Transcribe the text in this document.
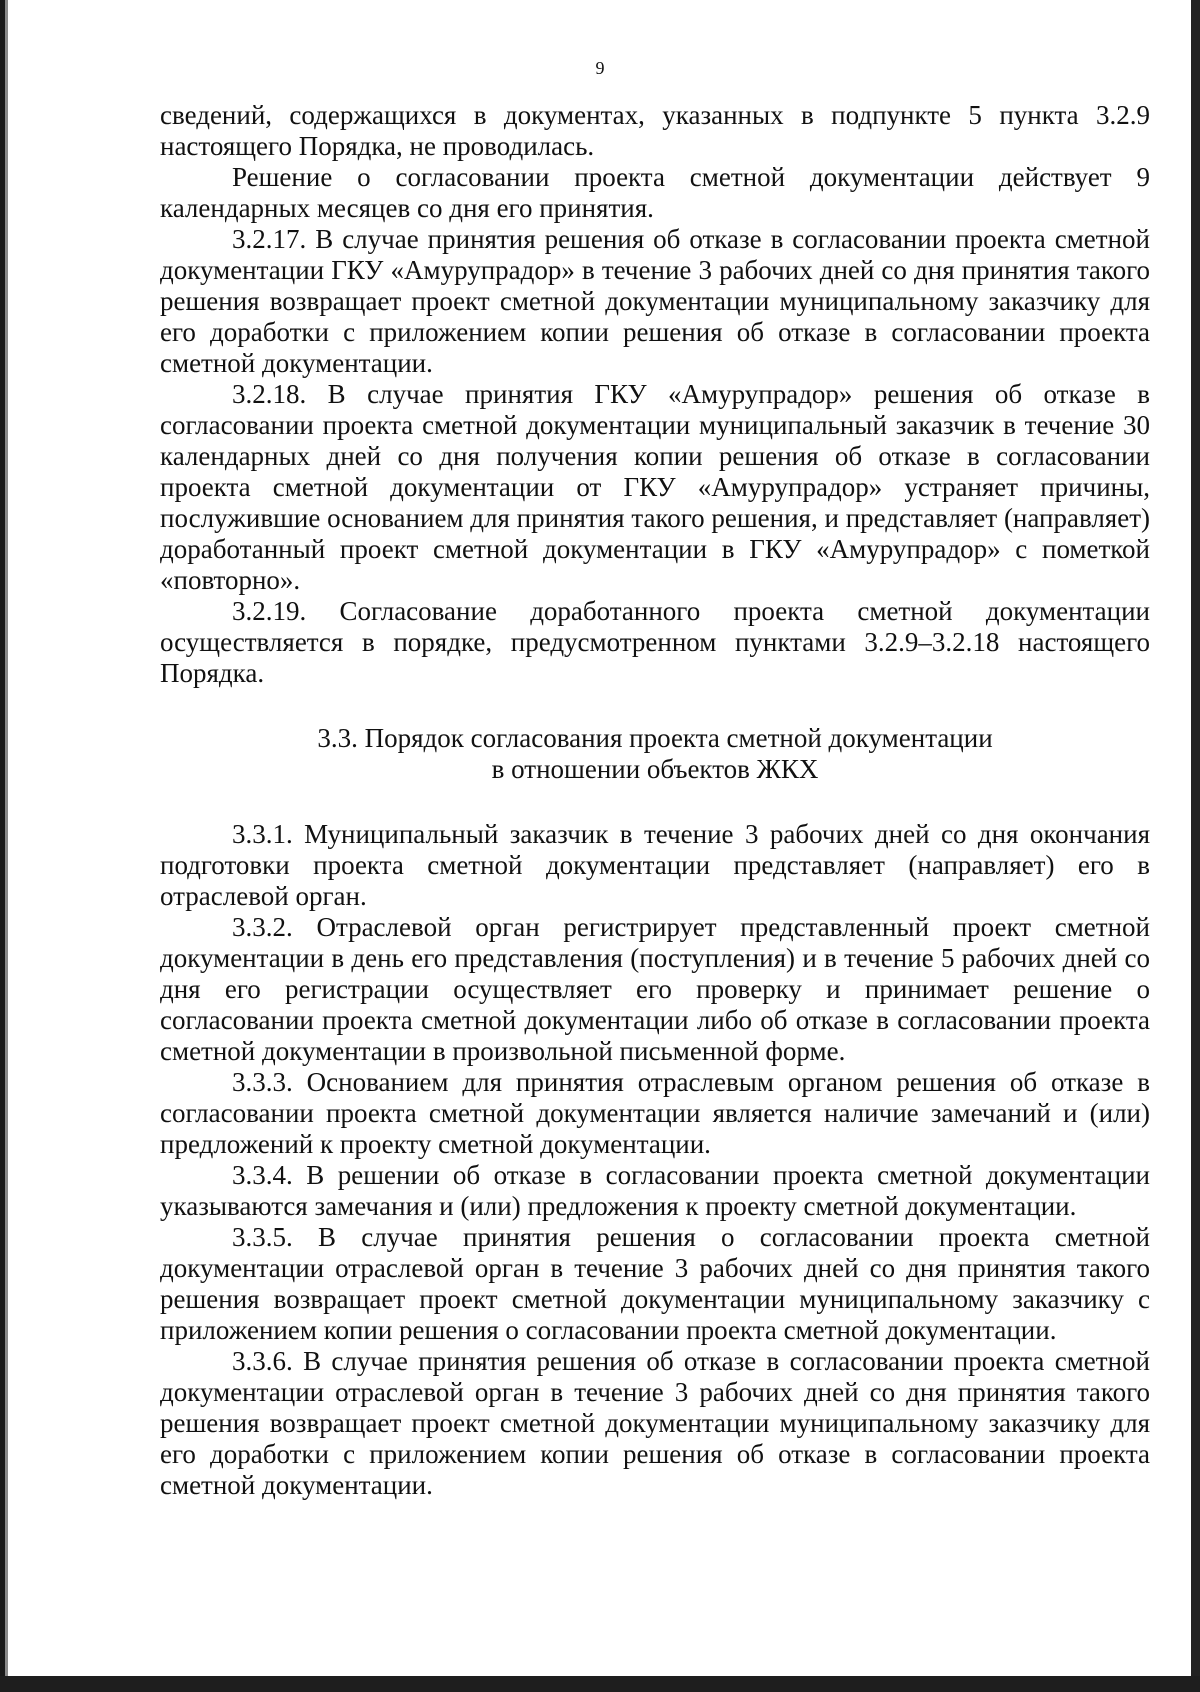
9

сведений, содержащихся в документах, указанных в подпункте 5 пункта 3.2.9 настоящего Порядка, не проводилась.

Решение о согласовании проекта сметной документации действует 9 календарных месяцев со дня его принятия.

3.2.17. В случае принятия решения об отказе в согласовании проекта сметной документации ГКУ «Амурупрадор» в течение 3 рабочих дней со дня принятия такого решения возвращает проект сметной документации муниципальному заказчику для его доработки с приложением копии решения об отказе в согласовании проекта сметной документации.

3.2.18. В случае принятия ГКУ «Амурупрадор» решения об отказе в согласовании проекта сметной документации муниципальный заказчик в течение 30 календарных дней со дня получения копии решения об отказе в согласовании проекта сметной документации от ГКУ «Амурупрадор» устраняет причины, послужившие основанием для принятия такого решения, и представляет (направляет) доработанный проект сметной документации в ГКУ «Амурупрадор» с пометкой «повторно».

3.2.19. Согласование доработанного проекта сметной документации осуществляется в порядке, предусмотренном пунктами 3.2.9–3.2.18 настоящего Порядка.

3.3. Порядок согласования проекта сметной документации
в отношении объектов ЖКХ

3.3.1. Муниципальный заказчик в течение 3 рабочих дней со дня окончания подготовки проекта сметной документации представляет (направляет) его в отраслевой орган.

3.3.2. Отраслевой орган регистрирует представленный проект сметной документации в день его представления (поступления) и в течение 5 рабочих дней со дня его регистрации осуществляет его проверку и принимает решение о согласовании проекта сметной документации либо об отказе в согласовании проекта сметной документации в произвольной письменной форме.

3.3.3. Основанием для принятия отраслевым органом решения об отказе в согласовании проекта сметной документации является наличие замечаний и (или) предложений к проекту сметной документации.

3.3.4. В решении об отказе в согласовании проекта сметной документации указываются замечания и (или) предложения к проекту сметной документации.

3.3.5. В случае принятия решения о согласовании проекта сметной документации отраслевой орган в течение 3 рабочих дней со дня принятия такого решения возвращает проект сметной документации муниципальному заказчику с приложением копии решения о согласовании проекта сметной документации.

3.3.6. В случае принятия решения об отказе в согласовании проекта сметной документации отраслевой орган в течение 3 рабочих дней со дня принятия такого решения возвращает проект сметной документации муниципальному заказчику для его доработки с приложением копии решения об отказе в согласовании проекта сметной документации.
